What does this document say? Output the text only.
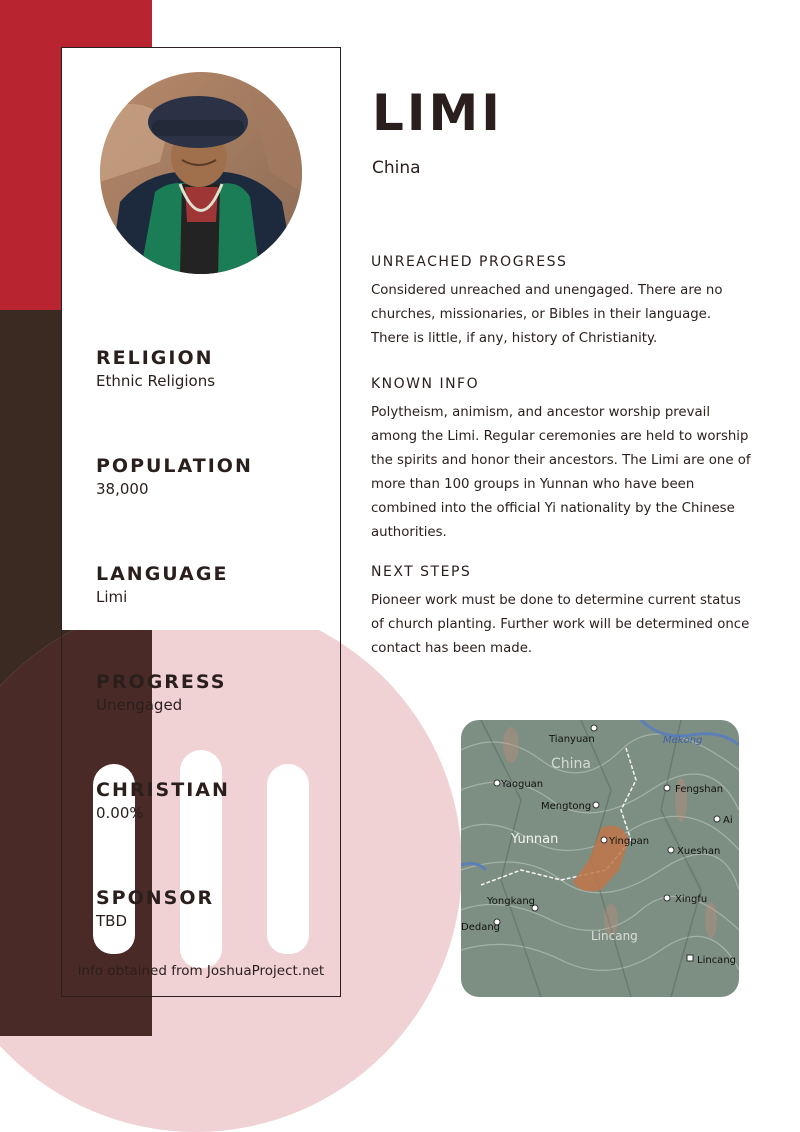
RELIGION

Ethnic Religions

POPULATION

38,000

LANGUAGE

Limi

PROGRESS

Unengaged

CHRISTIAN

0.00%

SPONSOR

TBD
info obtained from JoshuaProject.net
LIMI
China

UNREACHED PROGRESS

Considered unreached and unengaged. There are no churches, missionaries, or Bibles in their language. There is little, if any, history of Christianity.

KNOWN INFO

Polytheism, animism, and ancestor worship prevail among the Limi. Regular ceremonies are held to worship the spirits and honor their ancestors. The Limi are one of more than 100 groups in Yunnan who have been combined into the official Yi nationality by the Chinese authorities.

NEXT STEPS

Pioneer work must be done to determine current status of church planting. Further work will be determined once contact has been made.

Tianyuan	Mekong
China
Yaoguan	Fengshan
Mengtong
Ai
Yunnan	Yingpan
Xueshan
Yongkang	Xingfu
Dedang
Lincang
Lincang
